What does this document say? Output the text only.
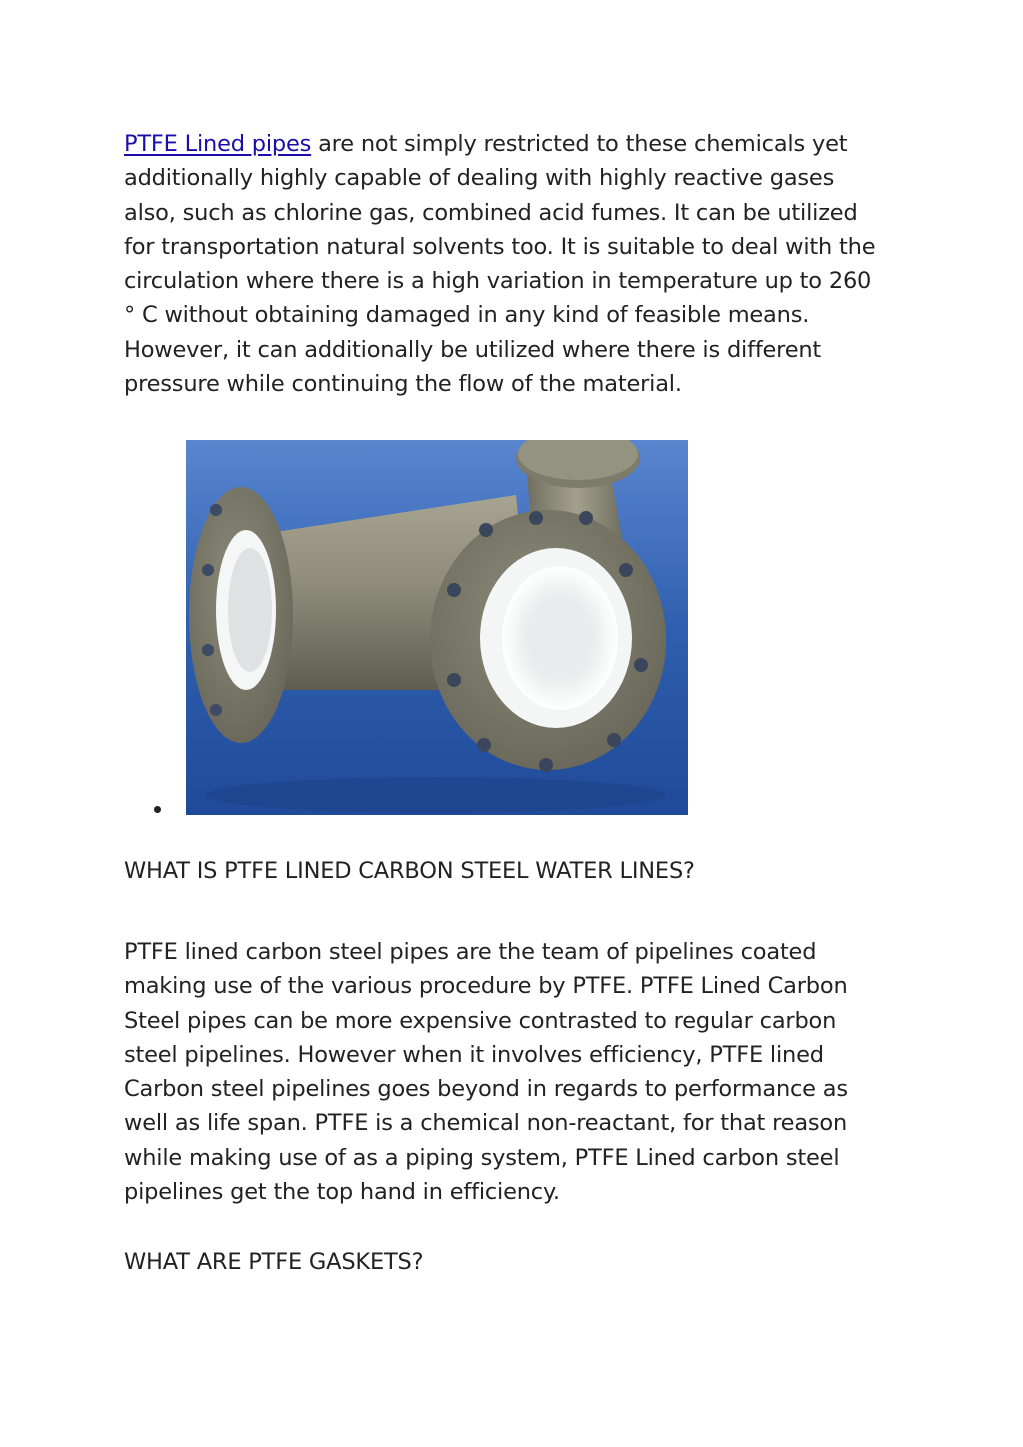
PTFE Lined pipes are not simply restricted to these chemicals yet
additionally highly capable of dealing with highly reactive gases
also, such as chlorine gas, combined acid fumes. It can be utilized
for transportation natural solvents too. It is suitable to deal with the
circulation where there is a high variation in temperature up to 260
° C without obtaining damaged in any kind of feasible means.
However, it can additionally be utilized where there is different
pressure while continuing the flow of the material.

WHAT IS PTFE LINED CARBON STEEL WATER LINES?

PTFE lined carbon steel pipes are the team of pipelines coated
making use of the various procedure by PTFE. PTFE Lined Carbon
Steel pipes can be more expensive contrasted to regular carbon
steel pipelines. However when it involves efficiency, PTFE lined
Carbon steel pipelines goes beyond in regards to performance as
well as life span. PTFE is a chemical non-reactant, for that reason
while making use of as a piping system, PTFE Lined carbon steel
pipelines get the top hand in efficiency.

WHAT ARE PTFE GASKETS?
